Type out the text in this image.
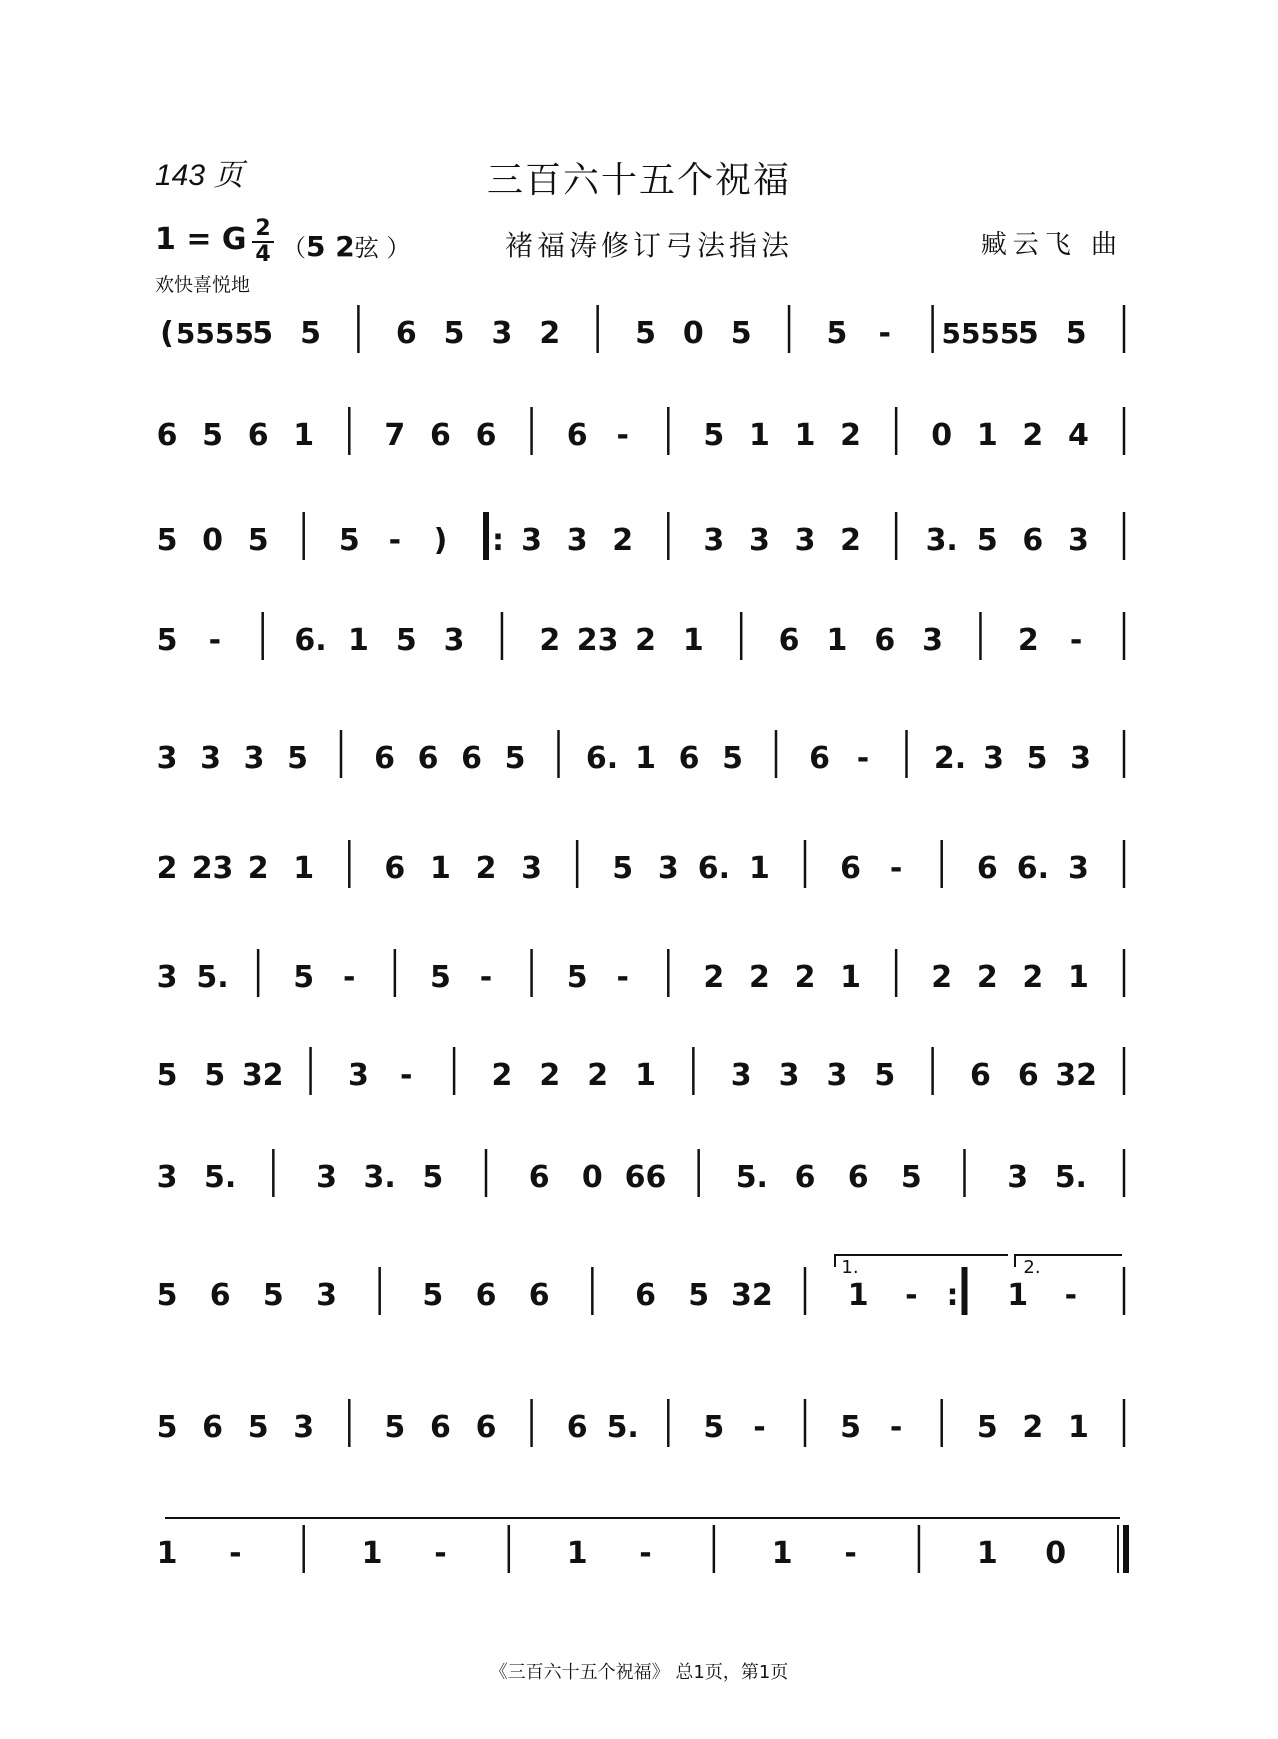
143 页	三百六十五个祝福
1 = G 2
4 （5 2弦 ）	褚福涛修订弓法指法	臧云飞 曲
欢快喜悦地
( 5555
5 5 6 5 3 2 5 0 5 5 - 5555
5 5
6 5 6 1 7 6 6 6 - 5 1 1 2 0 1 2 4
5 0 5 5 - ) : 3 3 2 3 3 3 2 3. 5 6 3
5 - 6. 1 5 3 2 23 2 1 6 1 6 3 2 -
3 3 3 5 6 6 6 5 6. 1 6 5 6 - 2. 3 5 3
2 23 2 1 6 1 2 3 5 3 6. 1 6 - 6 6. 3
3 5. 5 - 5 - 5 - 2 2 2 1 2 2 2 1
5 5 32 3 -	2 2 2 1 3 3 3 5 6 6 32
3 5.	3 3. 5	6 0 66 5. 6 6 5	3 5.
5 6 5 3	5 6 6	6 5 32	1 - : 1 -
5 6 5 3 5 6 6 6 5. 5 - 5 - 5 2 1
1 -	1 -	1 -	1 -	1 0
1.	2.
《三百六十五个祝福》 总1页，第1页
